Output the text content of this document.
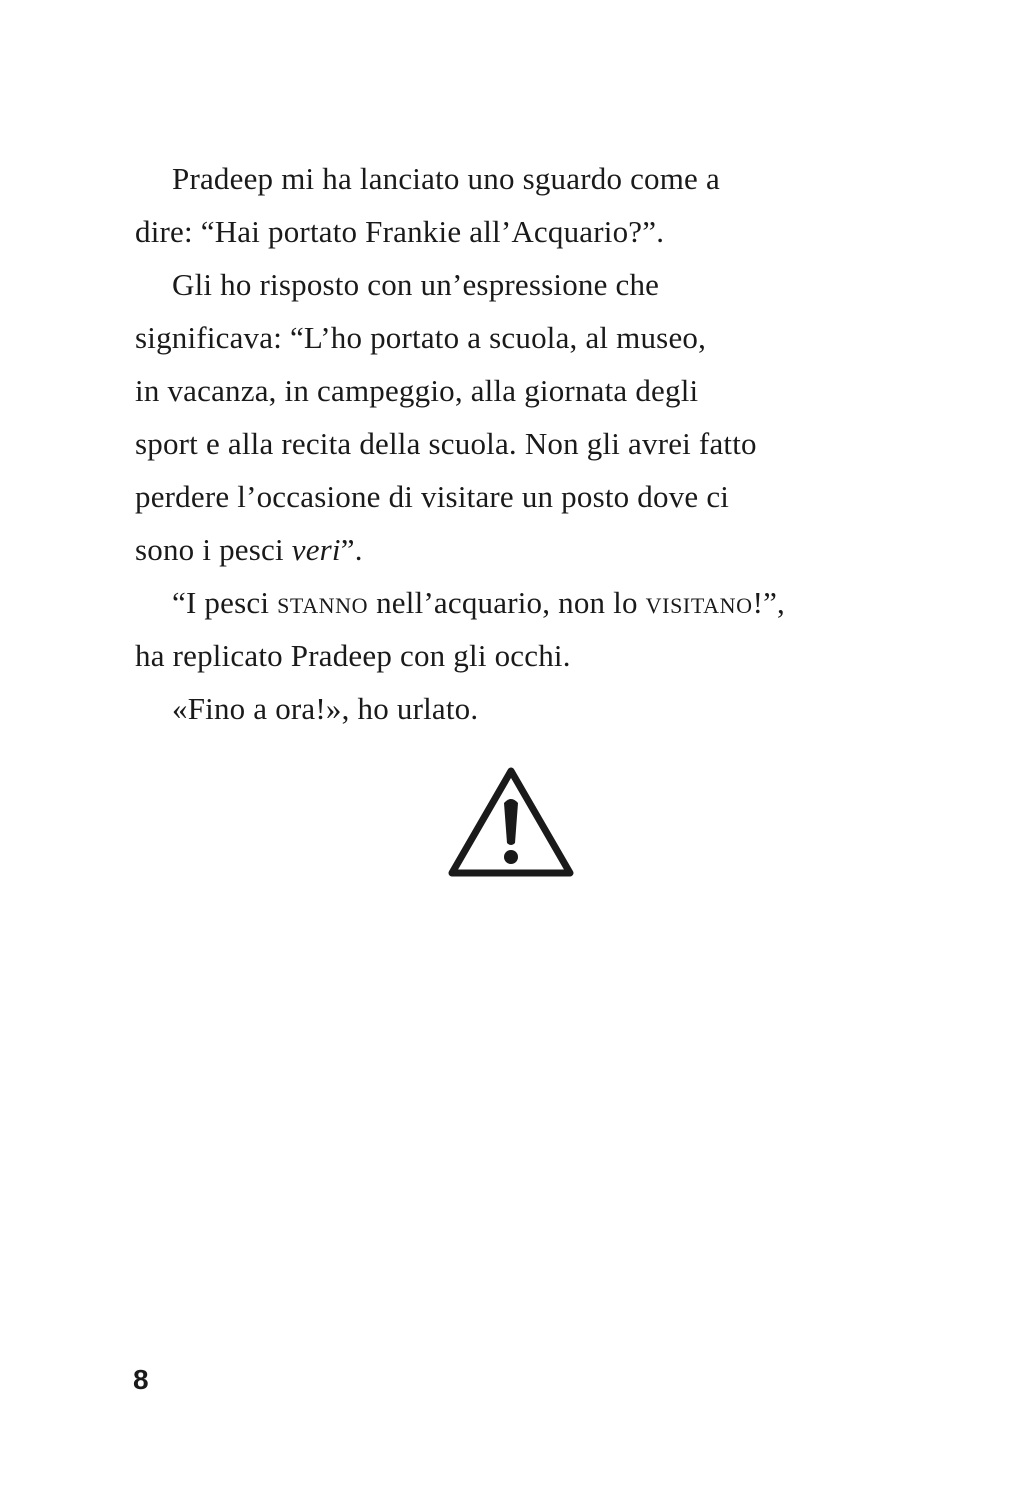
Pradeep mi ha lanciato uno sguardo come a
dire: “Hai portato Frankie all’Acquario?”.
Gli ho risposto con un’espressione che
significava: “L’ho portato a scuola, al museo,
in vacanza, in campeggio, alla giornata degli
sport e alla recita della scuola. Non gli avrei fatto
perdere l’occasione di visitare un posto dove ci
sono i pesci veri”.
“I pesci stanno nell’acquario, non lo visitano!”,
ha replicato Pradeep con gli occhi.
«Fino a ora!», ho urlato.
8
